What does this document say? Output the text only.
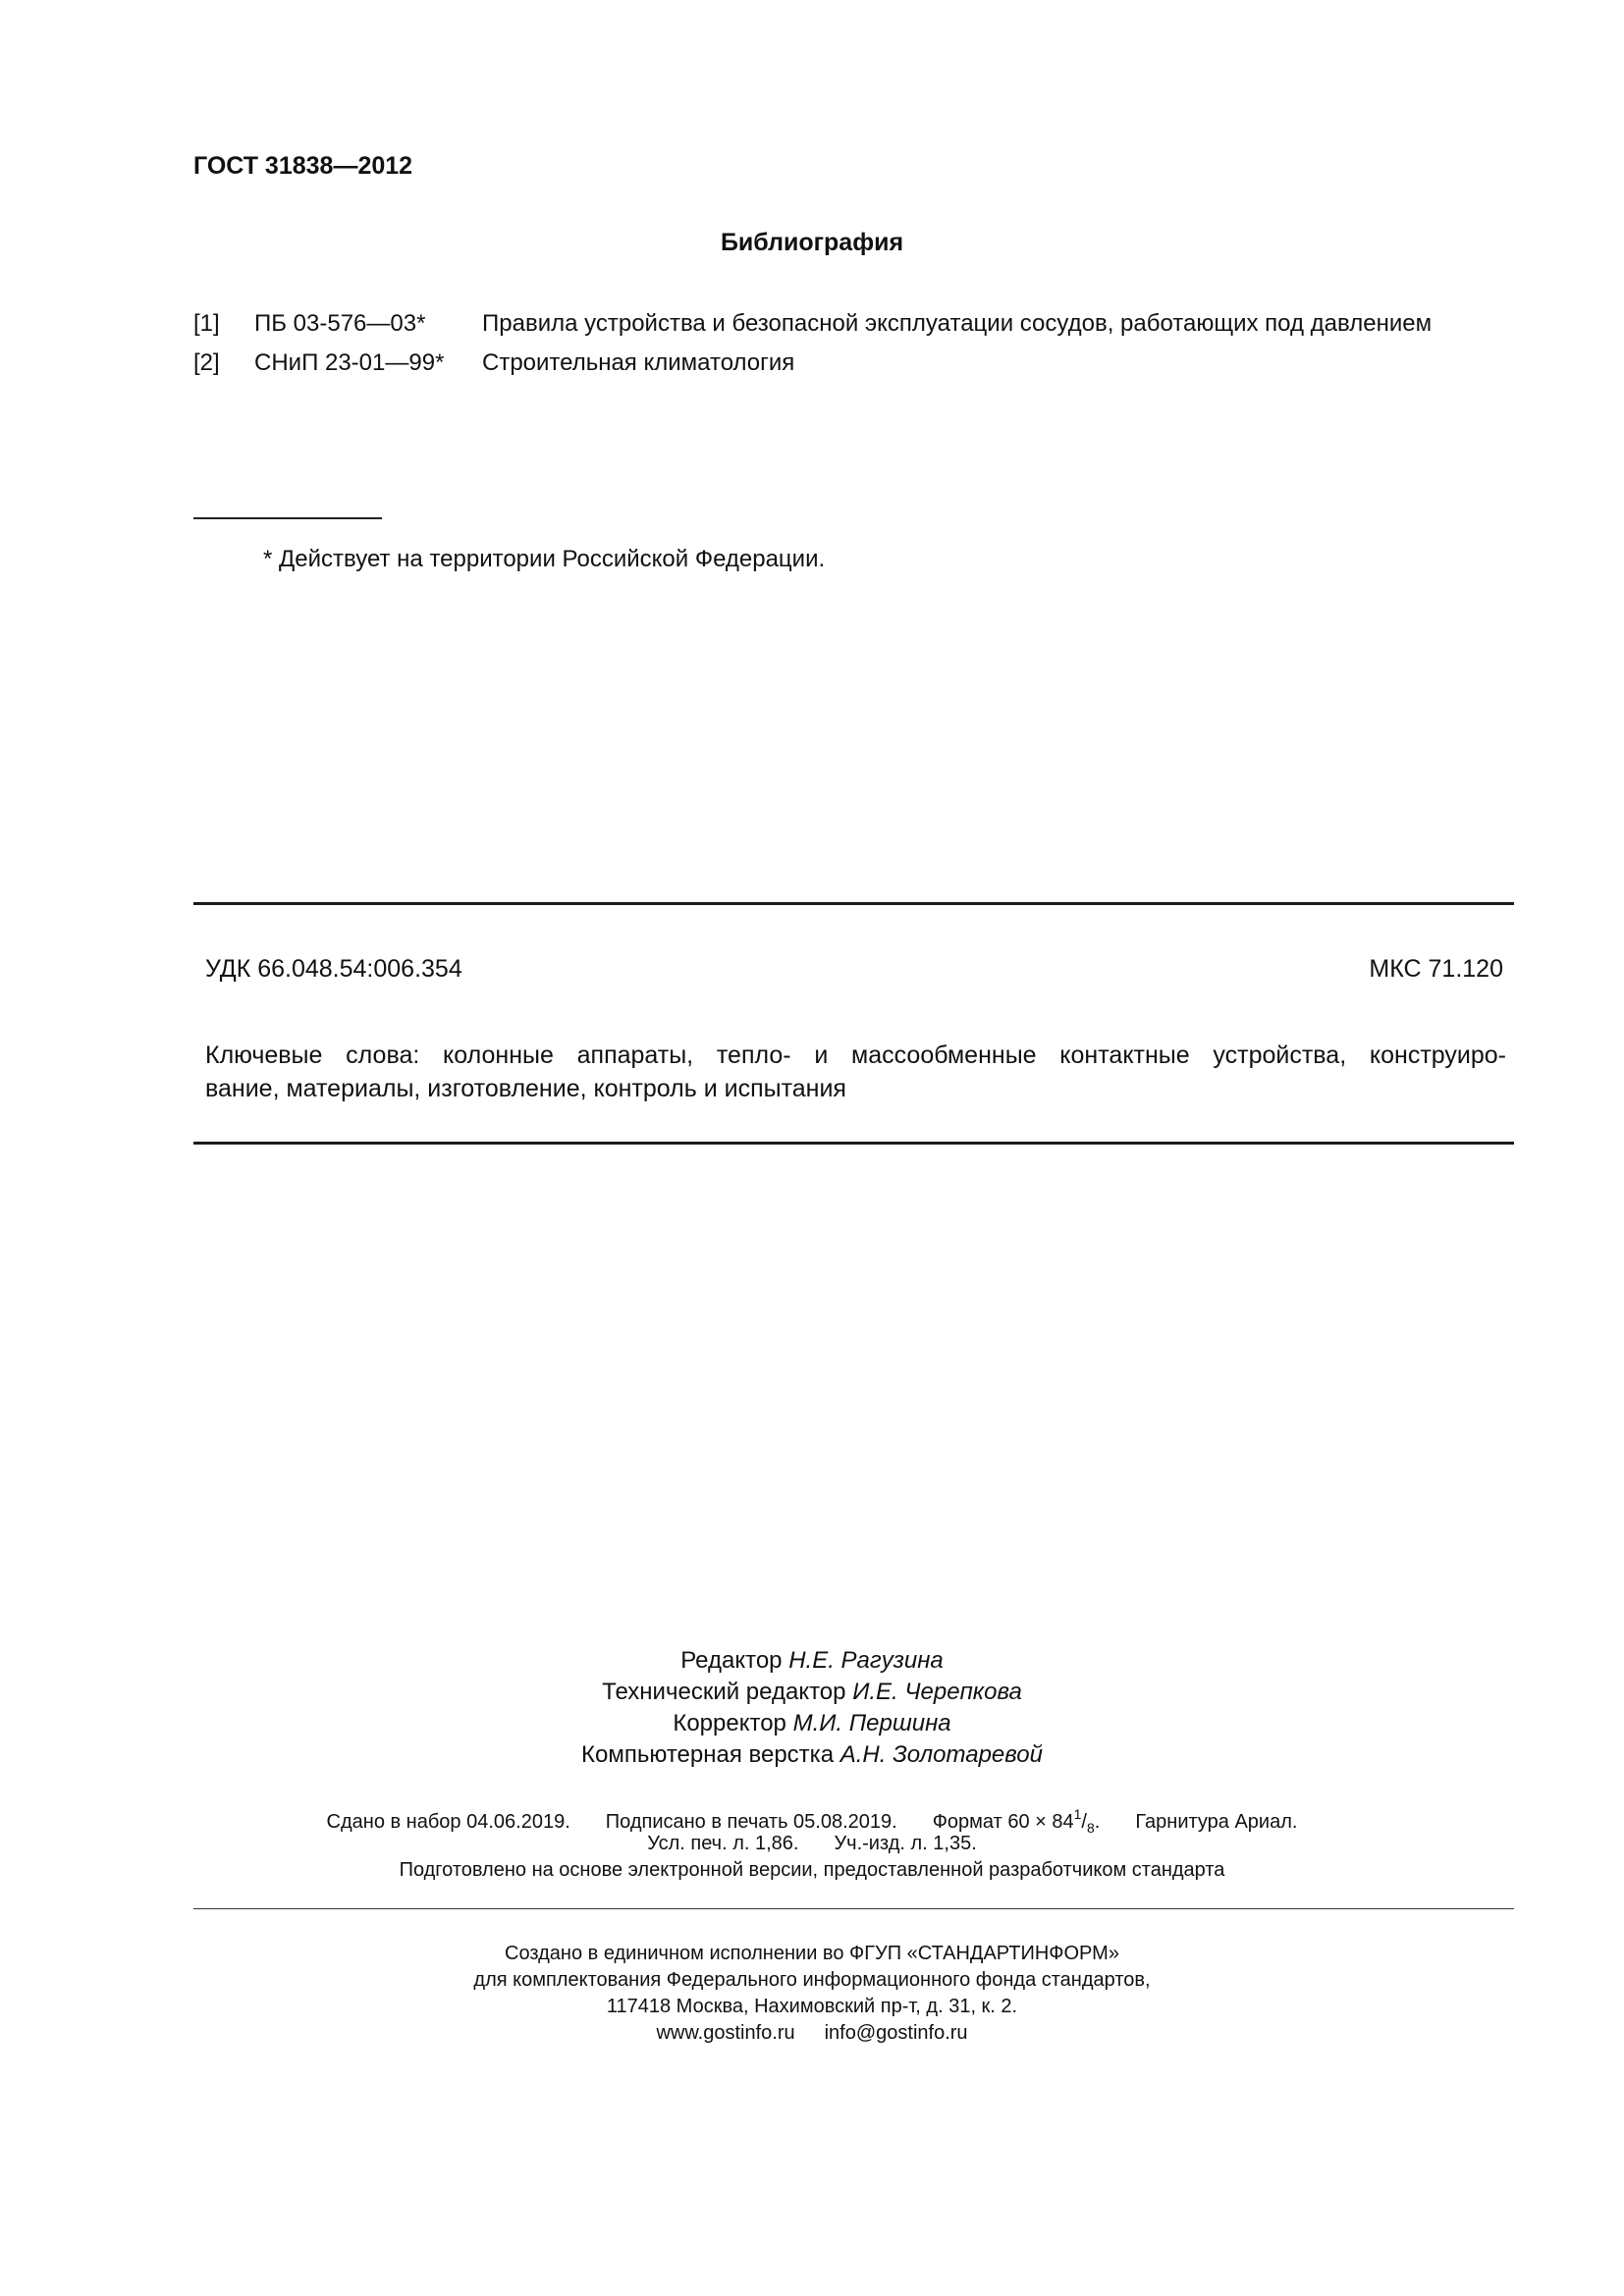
ГОСТ 31838—2012
Библиография
[1] ПБ 03-576—03* Правила устройства и безопасной эксплуатации сосудов, работающих под давлением
[2] СНиП 23-01—99* Строительная климатология
* Действует на территории Российской Федерации.
УДК 66.048.54:006.354	МКС 71.120
Ключевые слова: колонные аппараты, тепло- и массообменные контактные устройства, конструиро-
вание, материалы, изготовление, контроль и испытания
Редактор Н.Е. Рагузина
Технический редактор И.Е. Черепкова
Корректор М.И. Першина
Компьютерная верстка А.Н. Золотаревой
Сдано в набор 04.06.2019. Подписано в печать 05.08.2019. Формат $60 \times 84^1/_8$. Гарнитура Ариал.
Усл. печ. л. 1,86. Уч.-изд. л. 1,35.
Подготовлено на основе электронной версии, предоставленной разработчиком стандарта
Создано в единичном исполнении во ФГУП «СТАНДАРТИНФОРМ»
для комплектования Федерального информационного фонда стандартов,
117418 Москва, Нахимовский пр-т, д. 31, к. 2.
www.gostinfo.ru info@gostinfo.ru
